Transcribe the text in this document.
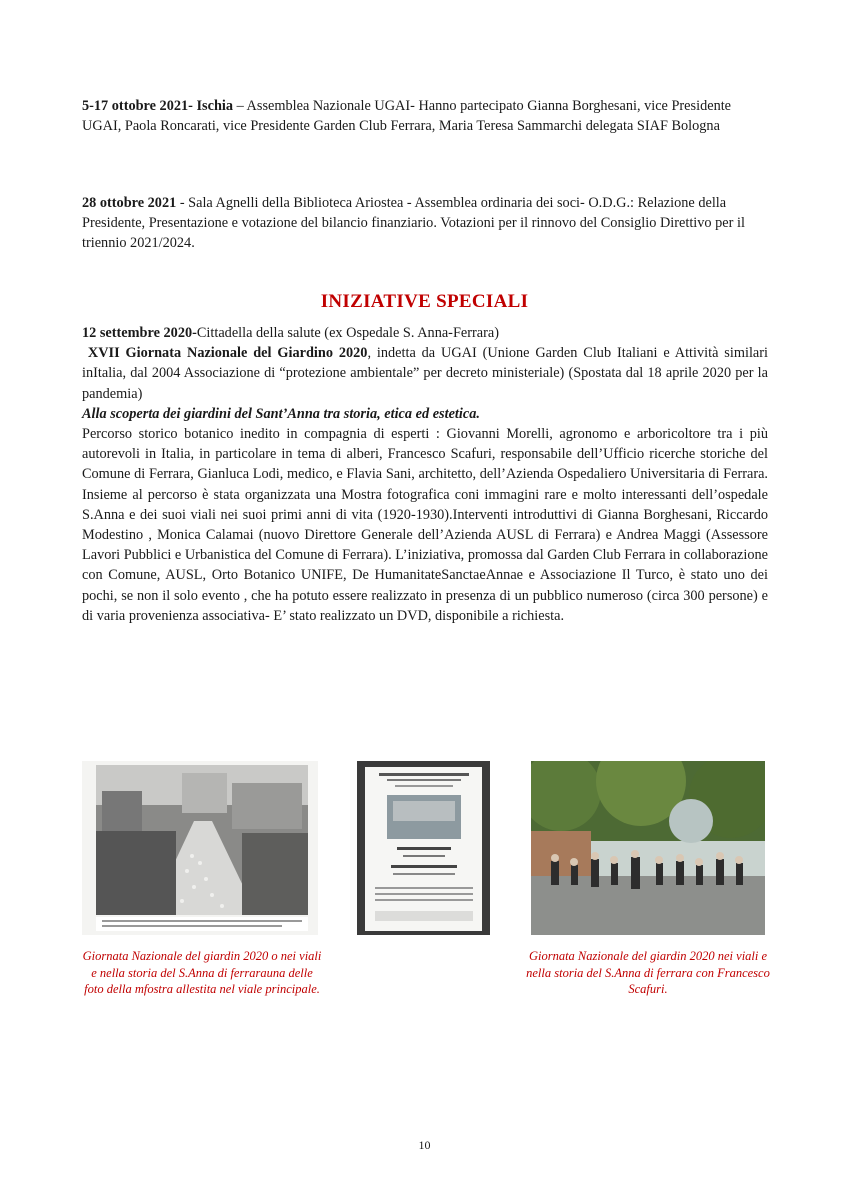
5-17 ottobre 2021- Ischia – Assemblea Nazionale UGAI- Hanno partecipato Gianna Borghesani, vice Presidente UGAI, Paola Roncarati, vice Presidente Garden Club Ferrara, Maria Teresa Sammarchi delegata SIAF Bologna

28 ottobre 2021 - Sala Agnelli della Biblioteca Ariostea - Assemblea ordinaria dei soci- O.D.G.: Relazione della Presidente, Presentazione e votazione del bilancio finanziario. Votazioni per il rinnovo del Consiglio Direttivo per il triennio 2021/2024.

INIZIATIVE SPECIALI
12 settembre 2020-Cittadella della salute (ex Ospedale S. Anna-Ferrara)
XVII Giornata Nazionale del Giardino 2020, indetta da UGAI (Unione Garden Club Italiani e Attività similari inItalia, dal 2004 Associazione di “protezione ambientale” per decreto ministeriale) (Spostata dal 18 aprile 2020 per la pandemia)
Alla scoperta dei giardini del Sant’Anna tra storia, etica ed estetica.
Percorso storico botanico inedito in compagnia di esperti : Giovanni Morelli, agronomo e arboricoltore tra i più autorevoli in Italia, in particolare in tema di alberi, Francesco Scafuri, responsabile dell’Ufficio ricerche storiche del Comune di Ferrara, Gianluca Lodi, medico, e Flavia Sani, architetto, dell’Azienda Ospedaliero Universitaria di Ferrara. Insieme al percorso è stata organizzata una Mostra fotografica coni immagini rare e molto interessanti dell’ospedale S.Anna e dei suoi viali nei suoi primi anni di vita (1920-1930).Interventi introduttivi di Gianna Borghesani, Riccardo Modestino , Monica Calamai (nuovo Direttore Generale dell’Azienda AUSL di Ferrara) e Andrea Maggi (Assessore Lavori Pubblici e Urbanistica del Comune di Ferrara). L’iniziativa, promossa dal Garden Club Ferrara in collaborazione con Comune, AUSL, Orto Botanico UNIFE, De HumanitateSanctaeAnnae e Associazione Il Turco, è stato uno dei pochi, se non il solo evento , che ha potuto essere realizzato in presenza di un pubblico numeroso (circa 300 persone) e di varia provenienza associativa- E’ stato realizzato un DVD, disponibile a richiesta.

Giornata Nazionale del giardin 2020 o nei viali e nella storia del S.Anna di ferrarauna delle foto della mfostra allestita nel viale principale.

Giornata Nazionale del giardin 2020 nei viali e nella storia del S.Anna di ferrara con Francesco Scafuri.

10
